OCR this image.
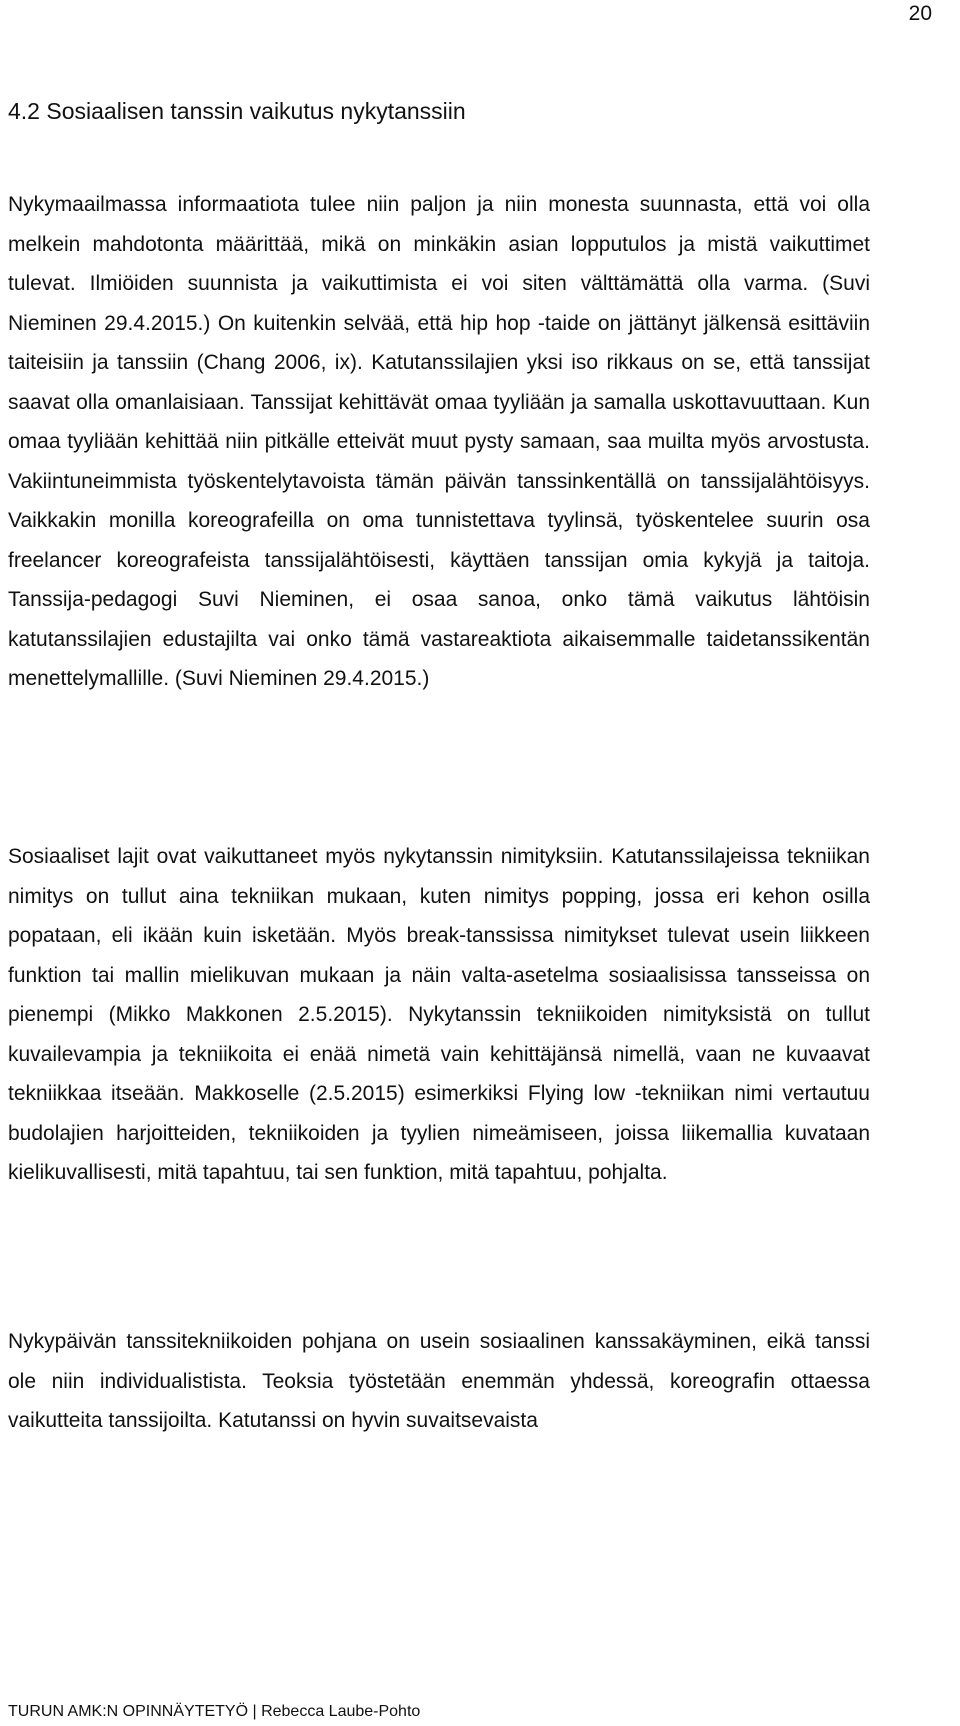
20
4.2 Sosiaalisen tanssin vaikutus nykytanssiin

Nykymaailmassa informaatiota tulee niin paljon ja niin monesta suunnasta, että voi olla melkein mahdotonta määrittää, mikä on minkäkin asian lopputulos ja mistä vaikuttimet tulevat. Ilmiöiden suunnista ja vaikuttimista ei voi siten välttämättä olla varma. (Suvi Nieminen 29.4.2015.) On kuitenkin selvää, että hip hop -taide on jättänyt jälkensä esittäviin taiteisiin ja tanssiin (Chang 2006, ix). Katutanssilajien yksi iso rikkaus on se, että tanssijat saavat olla omanlaisiaan. Tanssijat kehittävät omaa tyyliään ja samalla uskottavuuttaan. Kun omaa tyyliään kehittää niin pitkälle etteivät muut pysty samaan, saa muilta myös arvostusta. Vakiintuneimmista työskentelytavoista tämän päivän tanssinkentällä on tanssijalähtöisyys. Vaikkakin monilla koreografeilla on oma tunnistettava tyylinsä, työskentelee suurin osa freelancer koreografeista tanssijalähtöisesti, käyttäen tanssijan omia kykyjä ja taitoja. Tanssija-pedagogi Suvi Nieminen, ei osaa sanoa, onko tämä vaikutus lähtöisin katutanssilajien edustajilta vai onko tämä vastareaktiota aikaisemmalle taidetanssikentän menettelymallille. (Suvi Nieminen 29.4.2015.)

Sosiaaliset lajit ovat vaikuttaneet myös nykytanssin nimityksiin. Katutanssilajeissa tekniikan nimitys on tullut aina tekniikan mukaan, kuten nimitys popping, jossa eri kehon osilla popataan, eli ikään kuin isketään. Myös break-tanssissa nimitykset tulevat usein liikkeen funktion tai mallin mielikuvan mukaan ja näin valta-asetelma sosiaalisissa tansseissa on pienempi (Mikko Makkonen 2.5.2015). Nykytanssin tekniikoiden nimityksistä on tullut kuvailevampia ja tekniikoita ei enää nimetä vain kehittäjänsä nimellä, vaan ne kuvaavat tekniikkaa itseään. Makkoselle (2.5.2015) esimerkiksi Flying low -tekniikan nimi vertautuu budolajien harjoitteiden, tekniikoiden ja tyylien nimeämiseen, joissa liikemallia kuvataan kielikuvallisesti, mitä tapahtuu, tai sen funktion, mitä tapahtuu, pohjalta.

Nykypäivän tanssitekniikoiden pohjana on usein sosiaalinen kanssakäyminen, eikä tanssi ole niin individualistista. Teoksia työstetään enemmän yhdessä, koreografin ottaessa vaikutteita tanssijoilta. Katutanssi on hyvin suvaitsevaista

TURUN AMK:N OPINNÄYTETYÖ | Rebecca Laube-Pohto
